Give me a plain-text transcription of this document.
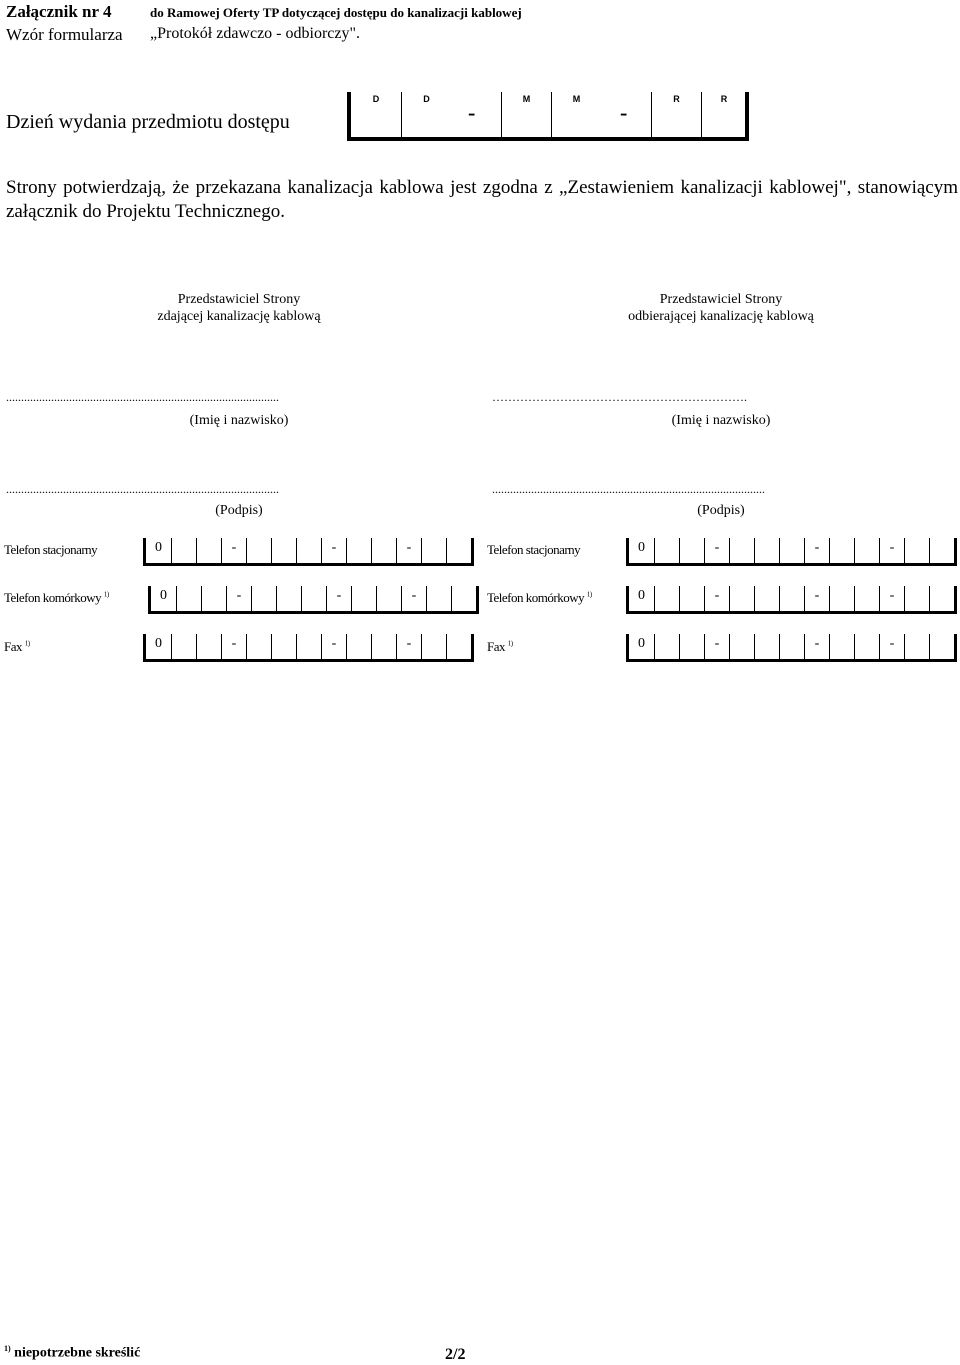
Załącznik nr 4	do Ramowej Oferty TP dotyczącej dostępu do kanalizacji kablowej
Wzór formularza „Protokół zdawczo - odbiorczy".
Dzień wydania przedmiotu dostępu
D	D	M	M	R	R
-	-
Strony potwierdzają, że przekazana kanalizacja kablowa jest zgodna z „Zestawieniem kanalizacji kablowej", stanowiącym załącznik do Projektu Technicznego.
Przedstawiciel Strony
zdającej kanalizację kablową
Przedstawiciel Strony
odbierającej kanalizację kablową
...........................................................................................	……………………………………………………….
(Imię i nazwisko)	(Imię i nazwisko)
...........................................................................................	...........................................................................................
(Podpis)	(Podpis)
Telefon stacjonarny	0	-	-	-	Telefon stacjonarny	0	-	-	-
Telefon komórkowy $^{1)}$	0	-	-	-	Telefon komórkowy $^{1)}$	0	-	-	-
Fax $^{1)}$	0	-	-	-	Fax $^{1)}$	0	-	-	-
$^{1)}$ niepotrzebne skreślić	2/2
